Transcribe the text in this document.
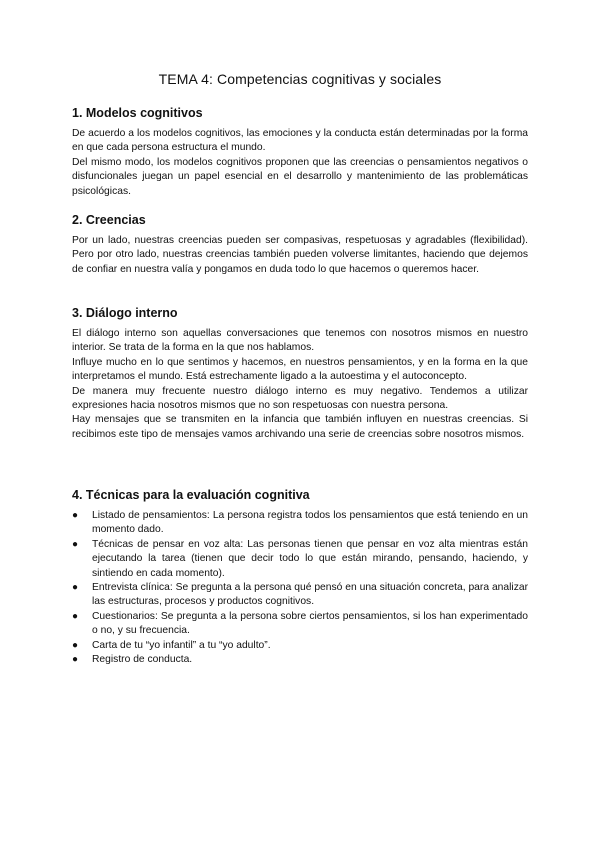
TEMA 4: Competencias cognitivas y sociales
1. Modelos cognitivos

De acuerdo a los modelos cognitivos, las emociones y la conducta están determinadas por la forma en que cada persona estructura el mundo.

Del mismo modo, los modelos cognitivos proponen que las creencias o pensamientos negativos o disfuncionales juegan un papel esencial en el desarrollo y mantenimiento de las problemáticas psicológicas.

2. Creencias

Por un lado, nuestras creencias pueden ser compasivas, respetuosas y agradables (flexibilidad). Pero por otro lado, nuestras creencias también pueden volverse limitantes, haciendo que dejemos de confiar en nuestra valía y pongamos en duda todo lo que hacemos o queremos hacer.

3. Diálogo interno

El diálogo interno son aquellas conversaciones que tenemos con nosotros mismos en nuestro interior. Se trata de la forma en la que nos hablamos.

Influye mucho en lo que sentimos y hacemos, en nuestros pensamientos, y en la forma en la que interpretamos el mundo. Está estrechamente ligado a la autoestima y el autoconcepto.

De manera muy frecuente nuestro diálogo interno es muy negativo. Tendemos a utilizar expresiones hacia nosotros mismos que no son respetuosas con nuestra persona.

Hay mensajes que se transmiten en la infancia que también influyen en nuestras creencias. Si recibimos este tipo de mensajes vamos archivando una serie de creencias sobre nosotros mismos.

4. Técnicas para la evaluación cognitiva
●	Listado de pensamientos: La persona registra todos los pensamientos que está teniendo en un momento dado.
●	Técnicas de pensar en voz alta: Las personas tienen que pensar en voz alta mientras están ejecutando la tarea (tienen que decir todo lo que están mirando, pensando, haciendo, y sintiendo en cada momento).
●	Entrevista clínica: Se pregunta a la persona qué pensó en una situación concreta, para analizar las estructuras, procesos y productos cognitivos.
●	Cuestionarios: Se pregunta a la persona sobre ciertos pensamientos, si los han experimentado o no, y su frecuencia.
●	Carta de tu “yo infantil” a tu “yo adulto”.
●	Registro de conducta.
